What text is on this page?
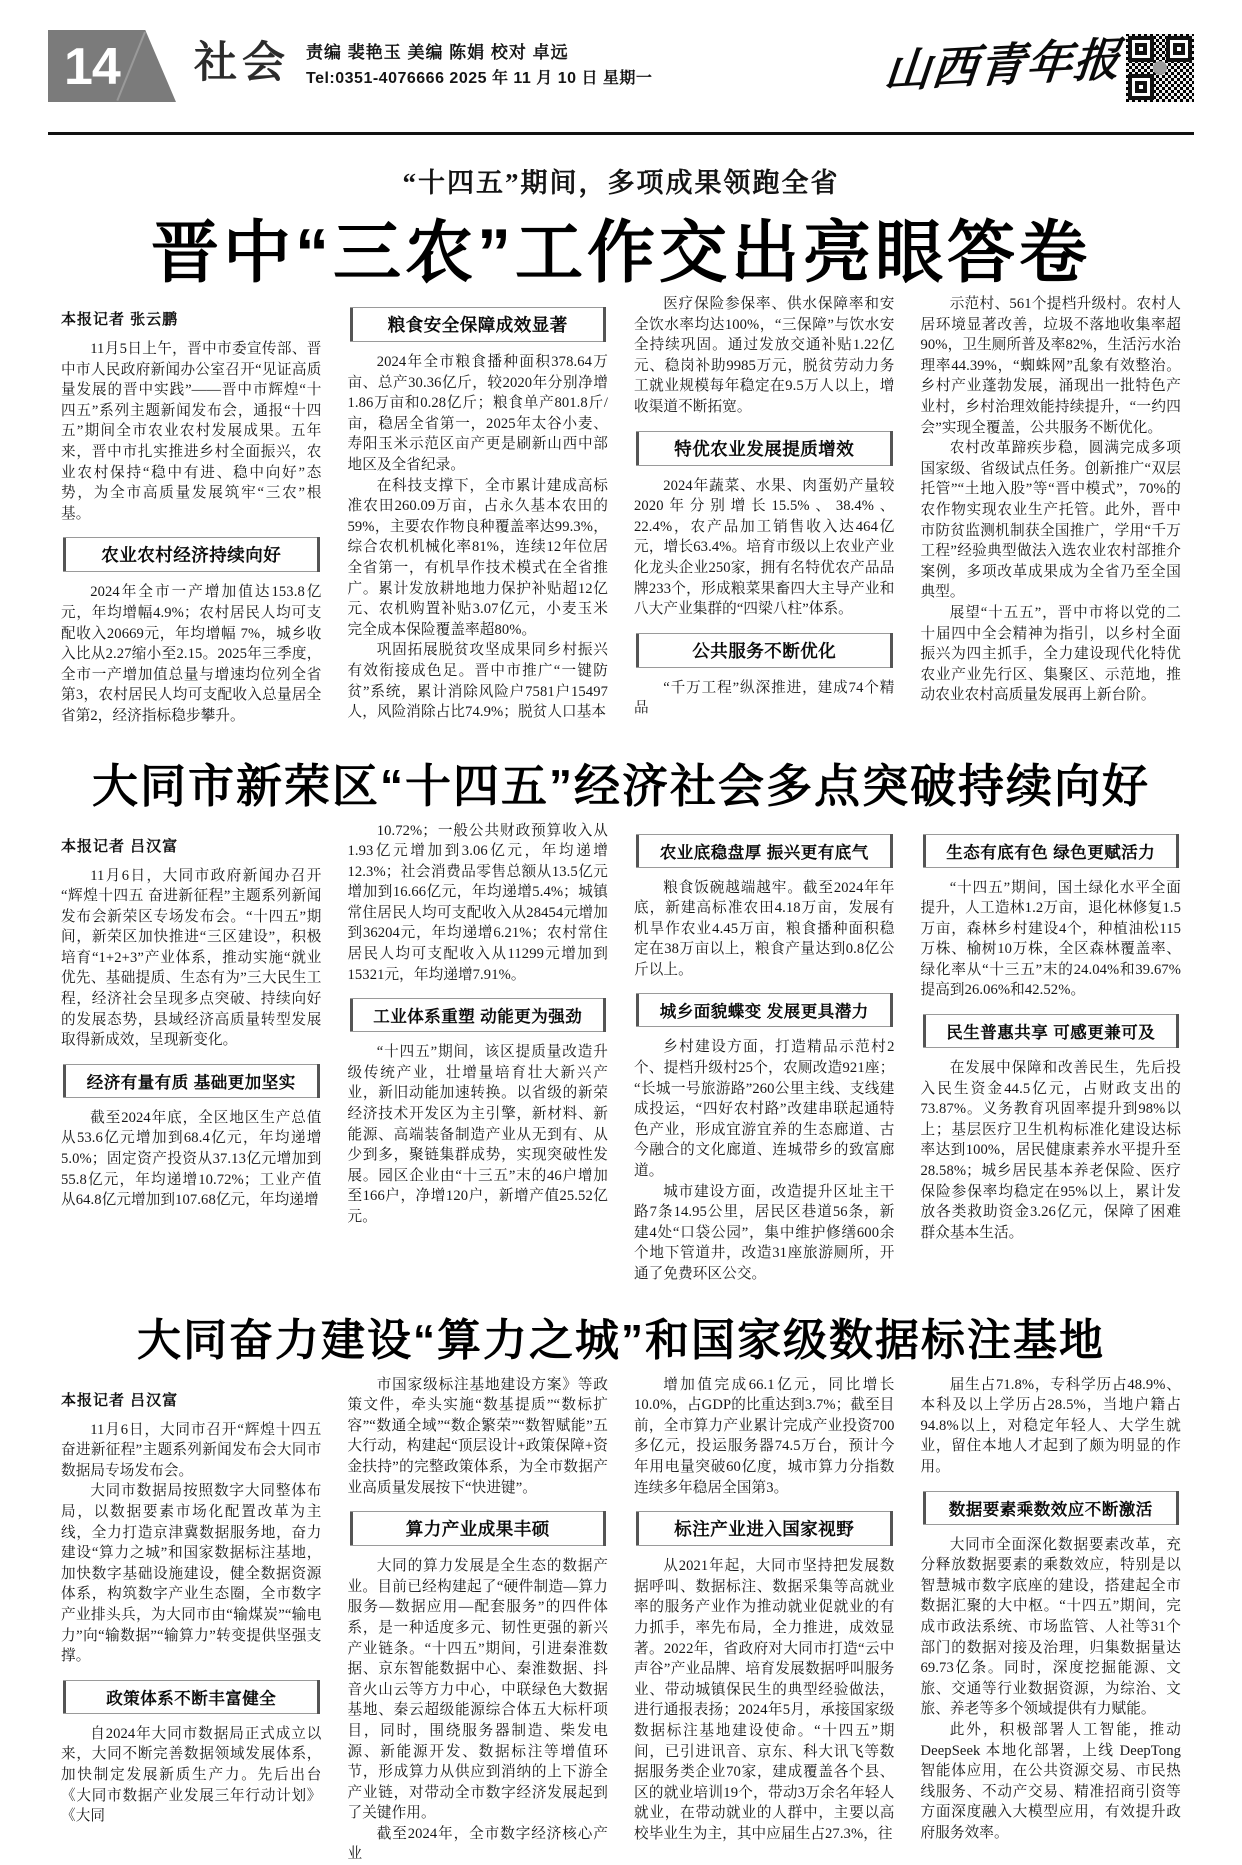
14 社会 责编 裴艳玉 美编 陈娟 校对 卓远
Tel:0351-4076666 2025 年 11 月 10 日 星期一	山西青年报
“十四五”期间，多项成果领跑全省
晋中“三农”工作交出亮眼答卷
本报记者 张云鹏

11月5日上午，晋中市委宣传部、晋中市人民政府新闻办公室召开“见证高质量发展的晋中实践”——晋中市辉煌“十四五”系列主题新闻发布会，通报“十四五”期间全市农业农村发展成果。五年来，晋中市扎实推进乡村全面振兴，农业农村保持“稳中有进、稳中向好”态势，为全市高质量发展筑牢“三农”根基。

农业农村经济持续向好

2024年全市一产增加值达153.8亿元，年均增幅4.9%；农村居民人均可支配收入20669元，年均增幅 7%，城乡收入比从2.27缩小至2.15。2025年三季度，全市一产增加值总量与增速均位列全省第3，农村居民人均可支配收入总量居全省第2，经济指标稳步攀升。

粮食安全保障成效显著

2024年全市粮食播种面积378.64万亩、总产30.36亿斤，较2020年分别净增1.86万亩和0.28亿斤；粮食单产801.8斤/亩，稳居全省第一，2025年太谷小麦、寿阳玉米示范区亩产更是刷新山西中部地区及全省纪录。

在科技支撑下，全市累计建成高标准农田260.09万亩，占永久基本农田的59%，主要农作物良种覆盖率达99.3%，综合农机机械化率81%，连续12年位居全省第一，有机旱作技术模式在全省推广。累计发放耕地地力保护补贴超12亿元、农机购置补贴3.07亿元，小麦玉米完全成本保险覆盖率超80%。

巩固拓展脱贫攻坚成果同乡村振兴有效衔接成色足。晋中市推广“一键防贫”系统，累计消除风险户7581户15497人，风险消除占比74.9%；脱贫人口基本

医疗保险参保率、供水保障率和安全饮水率均达100%，“三保障”与饮水安全持续巩固。通过发放交通补贴1.22亿元、稳岗补助9985万元，脱贫劳动力务工就业规模每年稳定在9.5万人以上，增收渠道不断拓宽。

特优农业发展提质增效

2024年蔬菜、水果、肉蛋奶产量较2020年分别增长15.5%、38.4%、22.4%，农产品加工销售收入达464亿元，增长63.4%。培育市级以上农业产业化龙头企业250家，拥有名特优农产品品牌233个，形成粮菜果畜四大主导产业和八大产业集群的“四梁八柱”体系。

公共服务不断优化

“千万工程”纵深推进，建成74个精品

示范村、561个提档升级村。农村人居环境显著改善，垃圾不落地收集率超90%，卫生厕所普及率82%，生活污水治理率44.39%，“蜘蛛网”乱象有效整治。乡村产业蓬勃发展，涌现出一批特色产业村，乡村治理效能持续提升，“一约四会”实现全覆盖，公共服务不断优化。

农村改革蹄疾步稳，圆满完成多项国家级、省级试点任务。创新推广“双层托管”“土地入股”等“晋中模式”，70%的农作物实现农业生产托管。此外，晋中市防贫监测机制获全国推广，学用“千万工程”经验典型做法入选农业农村部推介案例，多项改革成果成为全省乃至全国典型。

展望“十五五”，晋中市将以党的二十届四中全会精神为指引，以乡村全面振兴为四主抓手，全力建设现代化特优农业产业先行区、集聚区、示范地，推动农业农村高质量发展再上新台阶。

大同市新荣区“十四五”经济社会多点突破持续向好
本报记者 吕汉富

11月6日，大同市政府新闻办召开“辉煌十四五 奋进新征程”主题系列新闻发布会新荣区专场发布会。“十四五”期间，新荣区加快推进“三区建设”，积极培育“1+2+3”产业体系，推动实施“就业优先、基础提质、生态有为”三大民生工程，经济社会呈现多点突破、持续向好的发展态势，县域经济高质量转型发展取得新成效，呈现新变化。

经济有量有质 基础更加坚实

截至2024年底，全区地区生产总值从53.6亿元增加到68.4亿元，年均递增5.0%；固定资产投资从37.13亿元增加到55.8亿元，年均递增10.72%；工业产值从64.8亿元增加到107.68亿元，年均递增

10.72%；一般公共财政预算收入从1.93亿元增加到3.06亿元，年均递增12.3%；社会消费品零售总额从13.5亿元增加到16.66亿元，年均递增5.4%；城镇常住居民人均可支配收入从28454元增加到36204元，年均递增6.21%；农村常住居民人均可支配收入从11299元增加到15321元，年均递增7.91%。

工业体系重塑 动能更为强劲

“十四五”期间，该区提质量改造升级传统产业，壮增量培育壮大新兴产业，新旧动能加速转换。以省级的新荣经济技术开发区为主引擎，新材料、新能源、高端装备制造产业从无到有、从少到多，聚链集群成势，实现突破性发展。园区企业由“十三五”末的46户增加至166户，净增120户，新增产值25.52亿元。

农业底稳盘厚 振兴更有底气

粮食饭碗越端越牢。截至2024年年底，新建高标准农田4.18万亩，发展有机旱作农业4.45万亩，粮食播种面积稳定在38万亩以上，粮食产量达到0.8亿公斤以上。

城乡面貌蝶变 发展更具潜力

乡村建设方面，打造精品示范村2个、提档升级村25个，农厕改造921座；“长城一号旅游路”260公里主线、支线建成投运，“四好农村路”改建串联起通特色产业，形成宜游宜养的生态廊道、古今融合的文化廊道、连城带乡的致富廊道。

城市建设方面，改造提升区址主干路7条14.95公里，居民区巷道56条，新建4处“口袋公园”，集中维护修缮600余个地下管道井，改造31座旅游厕所，开通了免费环区公交。

生态有底有色 绿色更赋活力

“十四五”期间，国土绿化水平全面提升，人工造林1.2万亩，退化林修复1.5万亩，森林乡村建设4个，种植油松115万株、榆树10万株，全区森林覆盖率、绿化率从“十三五”末的24.04%和39.67%提高到26.06%和42.52%。

民生普惠共享 可感更兼可及

在发展中保障和改善民生，先后投入民生资金44.5亿元，占财政支出的73.87%。义务教育巩固率提升到98%以上；基层医疗卫生机构标准化建设达标率达到100%，居民健康素养水平提升至28.58%；城乡居民基本养老保险、医疗保险参保率均稳定在95%以上，累计发放各类救助资金3.26亿元，保障了困难群众基本生活。

大同奋力建设“算力之城”和国家级数据标注基地
本报记者 吕汉富

11月6日，大同市召开“辉煌十四五 奋进新征程”主题系列新闻发布会大同市数据局专场发布会。

大同市数据局按照数字大同整体布局，以数据要素市场化配置改革为主线，全力打造京津冀数据服务地，奋力建设“算力之城”和国家数据标注基地，加快数字基础设施建设，健全数据资源体系，构筑数字产业生态圈，全市数字产业排头兵，为大同市由“输煤炭”“输电力”向“输数据”“输算力”转变提供坚强支撑。

政策体系不断丰富健全

自2024年大同市数据局正式成立以来，大同不断完善数据领域发展体系，加快制定发展新质生产力。先后出台《大同市数据产业发展三年行动计划》《大同

市国家级标注基地建设方案》等政策文件，牵头实施“数基提质”“数标扩容”“数通全域”“数企繁荣”“数智赋能”五大行动，构建起“顶层设计+政策保障+资金扶持”的完整政策体系，为全市数据产业高质量发展按下“快进键”。

算力产业成果丰硕

大同的算力发展是全生态的数据产业。目前已经构建起了“硬件制造—算力服务—数据应用—配套服务”的四件体系，是一种适度多元、韧性更强的新兴产业链条。“十四五”期间，引进秦淮数据、京东智能数据中心、秦淮数据、抖音火山云等方力中心，中联绿色大数据基地、秦云超级能源综合体五大标杆项目，同时，围绕服务器制造、柴发电源、新能源开发、数据标注等增值环节，形成算力从供应到消纳的上下游全产业链，对带动全市数字经济发展起到了关键作用。

截至2024年，全市数字经济核心产业

增加值完成66.1亿元，同比增长10.0%，占GDP的比重达到3.7%；截至目前，全市算力产业累计完成产业投资700多亿元，投运服务器74.5万台，预计今年用电量突破60亿度，城市算力分指数连续多年稳居全国第3。

标注产业进入国家视野

从2021年起，大同市坚持把发展数据呼叫、数据标注、数据采集等高就业率的服务产业作为推动就业促就业的有力抓手，率先布局，全力推进，成效显著。2022年，省政府对大同市打造“云中声谷”产业品牌、培育发展数据呼叫服务业、带动城镇保民生的典型经验做法，进行通报表扬；2024年5月，承接国家级数据标注基地建设使命。“十四五”期间，已引进讯音、京东、科大讯飞等数据服务类企业70家，建成覆盖各个县、区的就业培训19个，带动3万余名年轻人就业，在带动就业的人群中，主要以高校毕业生为主，其中应届生占27.3%，往

届生占71.8%，专科学历占48.9%、本科及以上学历占28.5%，当地户籍占94.8%以上，对稳定年轻人、大学生就业，留住本地人才起到了颇为明显的作用。

数据要素乘数效应不断激活

大同市全面深化数据要素改革，充分释放数据要素的乘数效应，特别是以智慧城市数字底座的建设，搭建起全市数据汇聚的大中枢。“十四五”期间，完成市政法系统、市场监管、人社等31个部门的数据对接及治理，归集数据量达69.73亿条。同时，深度挖掘能源、文旅、交通等行业数据资源，为综治、文旅、养老等多个领域提供有力赋能。

此外，积极部署人工智能，推动DeepSeek 本地化部署，上线 DeepTong 智能体应用，在公共资源交易、市民热线服务、不动产交易、精准招商引资等方面深度融入大模型应用，有效提升政府服务效率。
